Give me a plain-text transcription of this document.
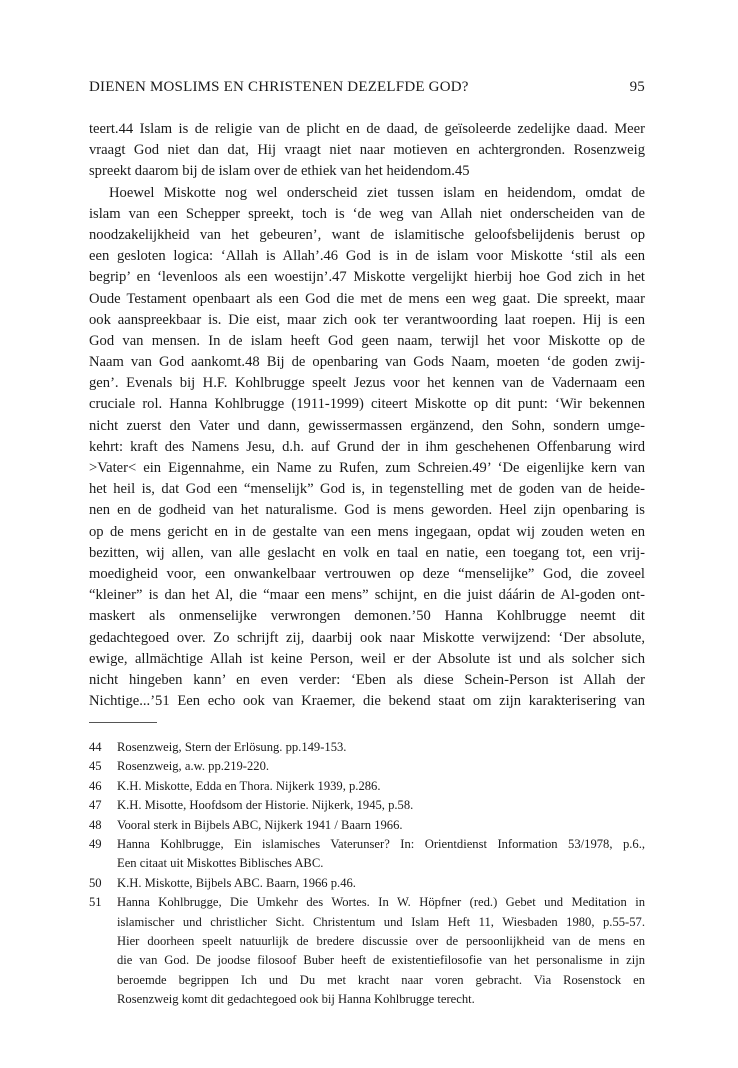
DIENEN MOSLIMS EN CHRISTENEN DEZELFDE GOD?	95
teert.44 Islam is de religie van de plicht en de daad, de geïsoleerde zedelijke daad. Meer
vraagt God niet dan dat, Hij vraagt niet naar motieven en achtergronden. Rosenzweig
spreekt daarom bij de islam over de ethiek van het heidendom.45
Hoewel Miskotte nog wel onderscheid ziet tussen islam en heidendom, omdat de
islam van een Schepper spreekt, toch is ‘de weg van Allah niet onderscheiden van de
noodzakelijkheid van het gebeuren’, want de islamitische geloofsbelijdenis berust op
een gesloten logica: ‘Allah is Allah’.46 God is in de islam voor Miskotte ‘stil als een
begrip’ en ‘levenloos als een woestijn’.47 Miskotte vergelijkt hierbij hoe God zich in het
Oude Testament openbaart als een God die met de mens een weg gaat. Die spreekt, maar
ook aanspreekbaar is. Die eist, maar zich ook ter verantwoording laat roepen. Hij is een
God van mensen. In de islam heeft God geen naam, terwijl het voor Miskotte op de
Naam van God aankomt.48 Bij de openbaring van Gods Naam, moeten ‘de goden zwij-
gen’. Evenals bij H.F. Kohlbrugge speelt Jezus voor het kennen van de Vadernaam een
cruciale rol. Hanna Kohlbrugge (1911-1999) citeert Miskotte op dit punt: ‘Wir bekennen
nicht zuerst den Vater und dann, gewissermassen ergänzend, den Sohn, sondern umge-
kehrt: kraft des Namens Jesu, d.h. auf Grund der in ihm geschehenen Offenbarung wird
>Vater< ein Eigennahme, ein Name zu Rufen, zum Schreien.49’ ‘De eigenlijke kern van
het heil is, dat God een “menselijk” God is, in tegenstelling met de goden van de heide-
nen en de godheid van het naturalisme. God is mens geworden. Heel zijn openbaring is
op de mens gericht en in de gestalte van een mens ingegaan, opdat wij zouden weten en
bezitten, wij allen, van alle geslacht en volk en taal en natie, een toegang tot, een vrij-
moedigheid voor, een onwankelbaar vertrouwen op deze “menselijke” God, die zoveel
“kleiner” is dan het Al, die “maar een mens” schijnt, en die juist dáárin de Al-goden ont-
maskert als onmenselijke verwrongen demonen.’50 Hanna Kohlbrugge neemt dit
gedachtegoed over. Zo schrijft zij, daarbij ook naar Miskotte verwijzend: ‘Der absolute,
ewige, allmächtige Allah ist keine Person, weil er der Absolute ist und als solcher sich
nicht hingeben kann’ en even verder: ‘Eben als diese Schein-Person ist Allah der
Nichtige...’51 Een echo ook van Kraemer, die bekend staat om zijn karakterisering van
44 Rosenzweig, Stern der Erlösung. pp.149-153.
45 Rosenzweig, a.w. pp.219-220.
46 K.H. Miskotte, Edda en Thora. Nijkerk 1939, p.286.
47 K.H. Misotte, Hoofdsom der Historie. Nijkerk, 1945, p.58.
48 Vooral sterk in Bijbels ABC, Nijkerk 1941 / Baarn 1966.
49 Hanna Kohlbrugge, Ein islamisches Vaterunser? In: Orientdienst Information 53/1978, p.6.,
Een citaat uit Miskottes Biblisches ABC.
50 K.H. Miskotte, Bijbels ABC. Baarn, 1966 p.46.
51 Hanna Kohlbrugge, Die Umkehr des Wortes. In W. Höpfner (red.) Gebet und Meditation in
islamischer und christlicher Sicht. Christentum und Islam Heft 11, Wiesbaden 1980, p.55-57.
Hier doorheen speelt natuurlijk de bredere discussie over de persoonlijkheid van de mens en
die van God. De joodse filosoof Buber heeft de existentiefilosofie van het personalisme in zijn
beroemde begrippen Ich und Du met kracht naar voren gebracht. Via Rosenstock en
Rosenzweig komt dit gedachtegoed ook bij Hanna Kohlbrugge terecht.
